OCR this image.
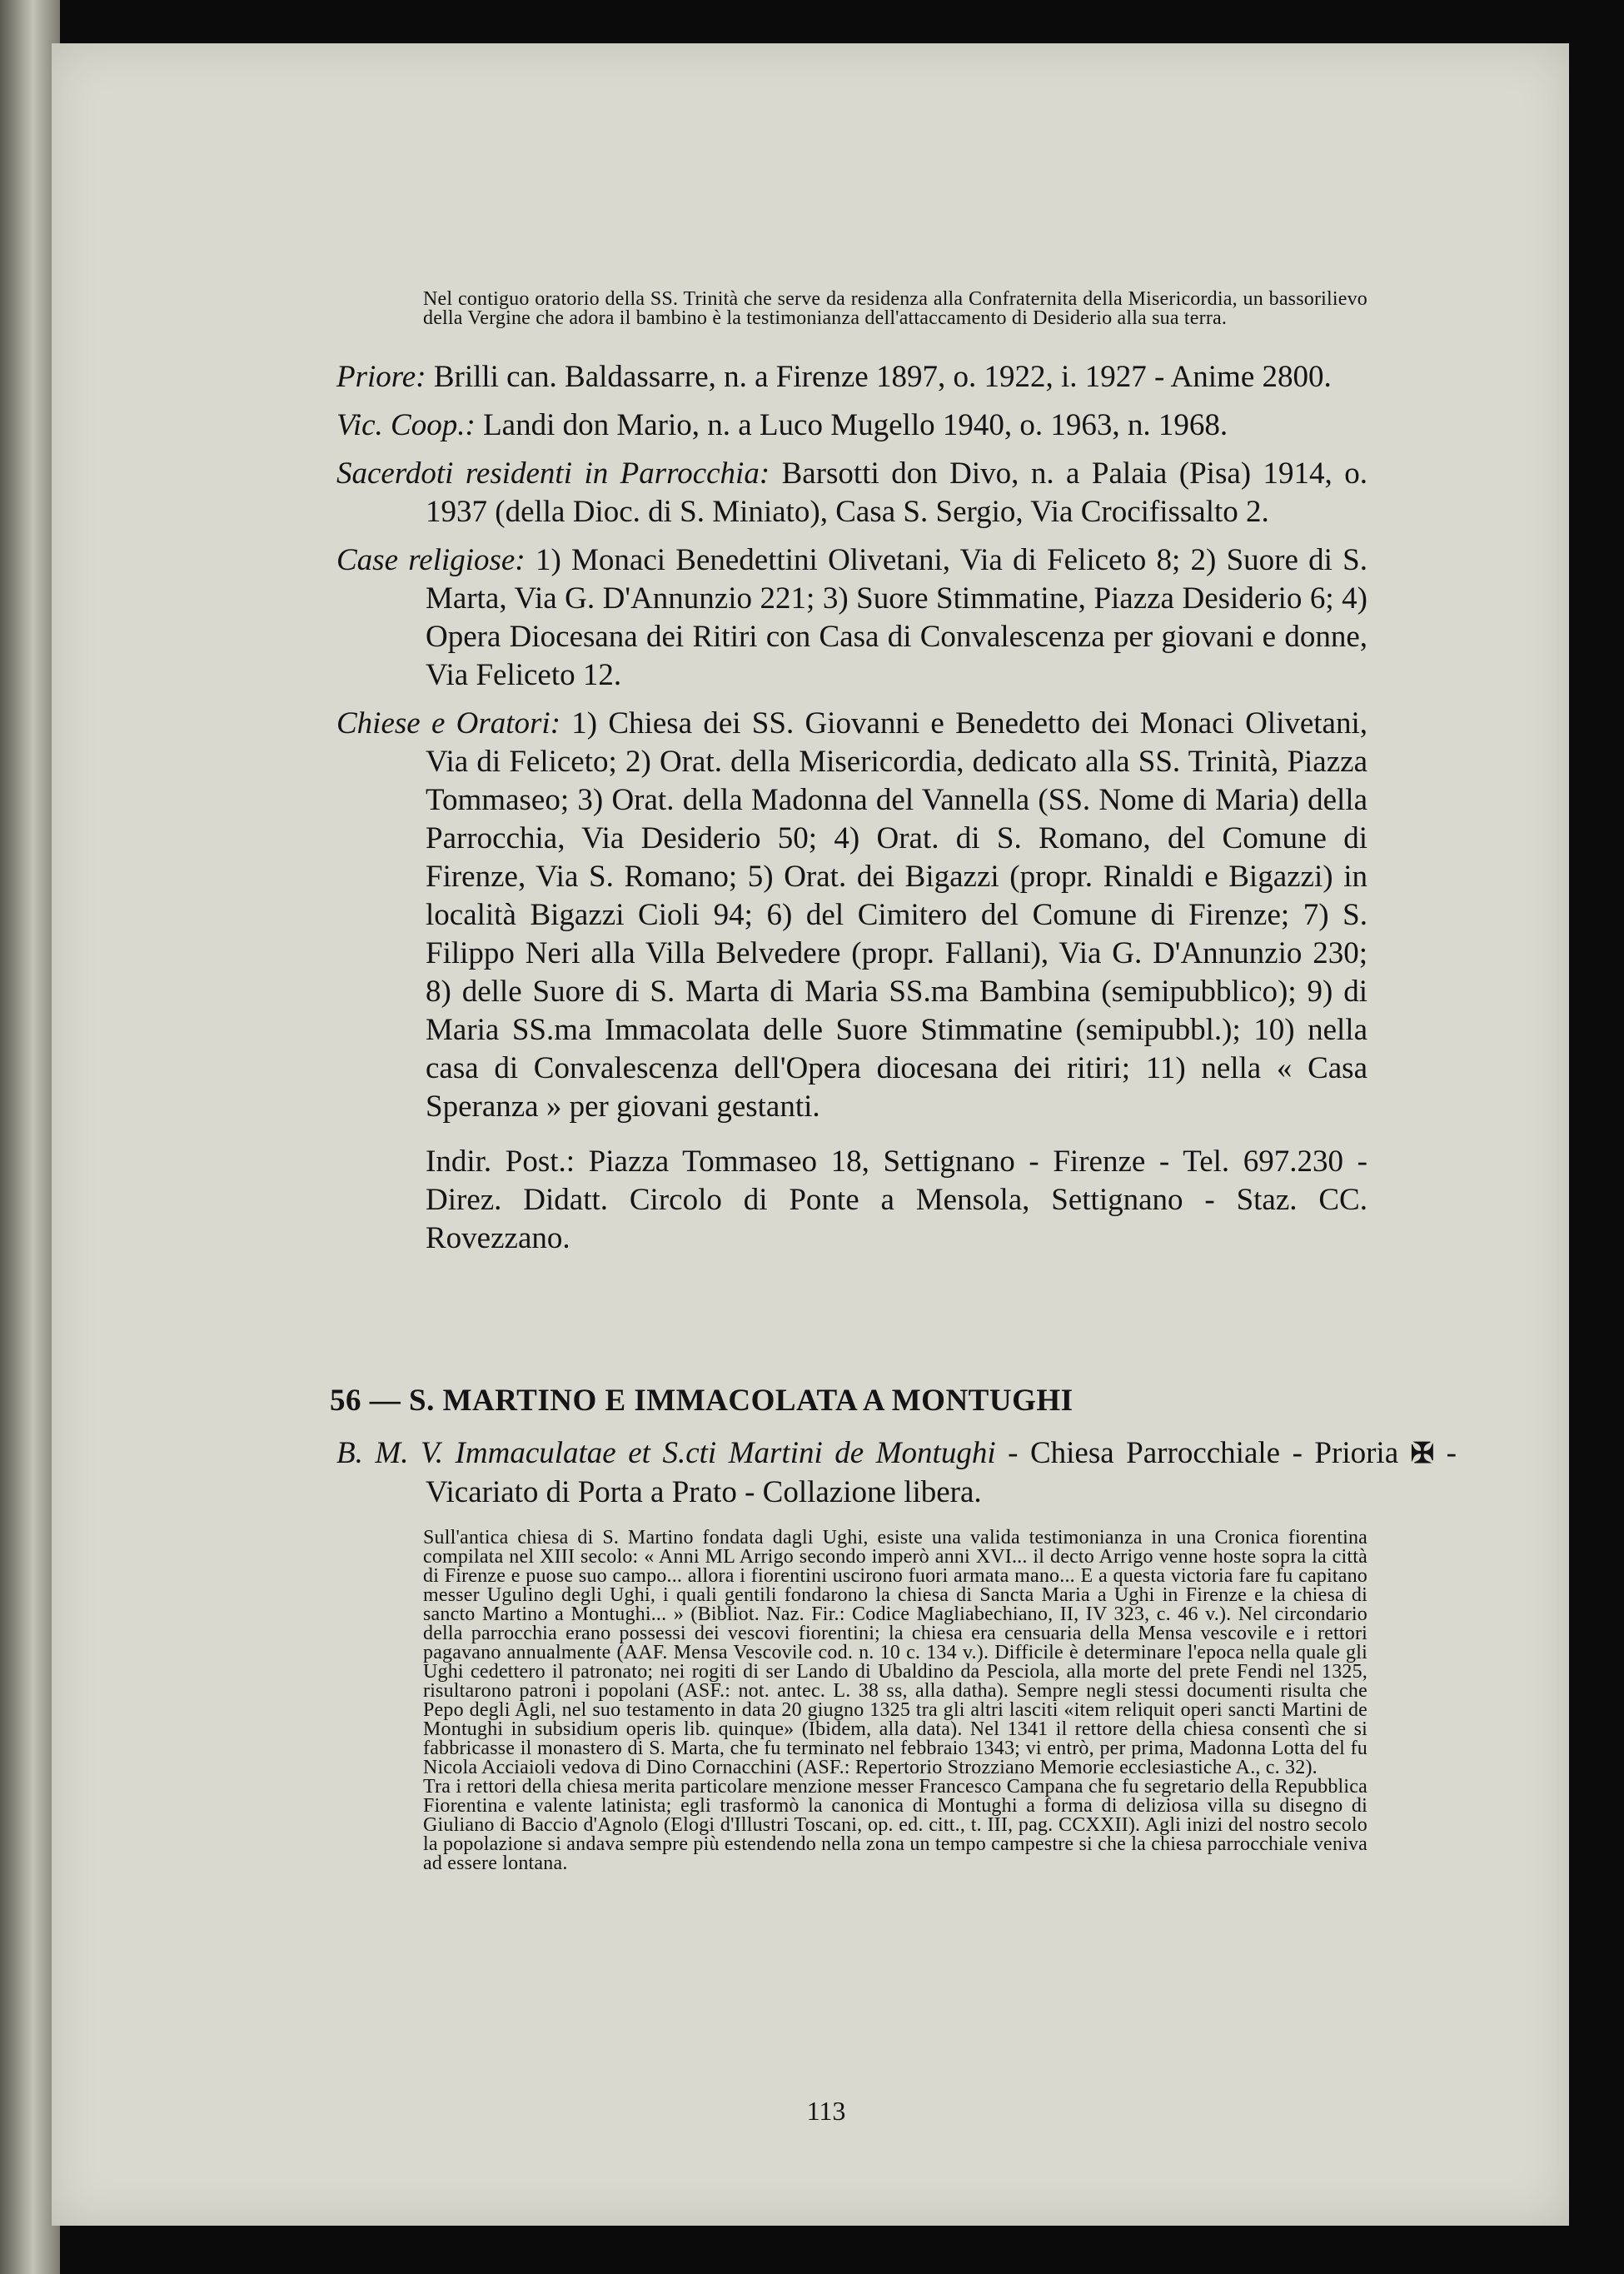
Nel contiguo oratorio della SS. Trinità che serve da residenza alla Confraternita della Misericordia, un bassorilievo della Vergine che adora il bambino è la testimonianza dell'attaccamento di Desiderio alla sua terra.

Priore: Brilli can. Baldassarre, n. a Firenze 1897, o. 1922, i. 1927 - Anime 2800.

Vic. Coop.: Landi don Mario, n. a Luco Mugello 1940, o. 1963, n. 1968.

Sacerdoti residenti in Parrocchia: Barsotti don Divo, n. a Palaia (Pisa) 1914, o. 1937 (della Dioc. di S. Miniato), Casa S. Sergio, Via Crocifissalto 2.

Case religiose: 1) Monaci Benedettini Olivetani, Via di Feliceto 8; 2) Suore di S. Marta, Via G. D'Annunzio 221; 3) Suore Stimmatine, Piazza Desiderio 6; 4) Opera Diocesana dei Ritiri con Casa di Convalescenza per giovani e donne, Via Feliceto 12.

Chiese e Oratori: 1) Chiesa dei SS. Giovanni e Benedetto dei Monaci Olivetani, Via di Feliceto; 2) Orat. della Misericordia, dedicato alla SS. Trinità, Piazza Tommaseo; 3) Orat. della Madonna del Vannella (SS. Nome di Maria) della Parrocchia, Via Desiderio 50; 4) Orat. di S. Romano, del Comune di Firenze, Via S. Romano; 5) Orat. dei Bigazzi (propr. Rinaldi e Bigazzi) in località Bigazzi Cioli 94; 6) del Cimitero del Comune di Firenze; 7) S. Filippo Neri alla Villa Belvedere (propr. Fallani), Via G. D'Annunzio 230; 8) delle Suore di S. Marta di Maria SS.ma Bambina (semipubblico); 9) di Maria SS.ma Immacolata delle Suore Stimmatine (semipubbl.); 10) nella casa di Convalescenza dell'Opera diocesana dei ritiri; 11) nella « Casa Speranza » per giovani gestanti.

Indir. Post.: Piazza Tommaseo 18, Settignano - Firenze - Tel. 697.230 - Direz. Didatt. Circolo di Ponte a Mensola, Settignano - Staz. CC. Rovezzano.

56 — S. MARTINO E IMMACOLATA A MONTUGHI

B. M. V. Immaculatae et S.cti Martini de Montughi - Chiesa Parrocchiale - Prioria ✠ - Vicariato di Porta a Prato - Collazione libera.

Sull'antica chiesa di S. Martino fondata dagli Ughi, esiste una valida testimonianza in una Cronica fiorentina compilata nel XIII secolo: « Anni ML Arrigo secondo imperò anni XVI... il decto Arrigo venne hoste sopra la città di Firenze e puose suo campo... allora i fiorentini uscirono fuori armata mano... E a questa victoria fare fu capitano messer Ugulino degli Ughi, i quali gentili fondarono la chiesa di Sancta Maria a Ughi in Firenze e la chiesa di sancto Martino a Montughi... » (Bibliot. Naz. Fir.: Codice Magliabechiano, II, IV 323, c. 46 v.). Nel circondario della parrocchia erano possessi dei vescovi fiorentini; la chiesa era censuaria della Mensa vescovile e i rettori pagavano annualmente (AAF. Mensa Vescovile cod. n. 10 c. 134 v.). Difficile è determinare l'epoca nella quale gli Ughi cedettero il patronato; nei rogiti di ser Lando di Ubaldino da Pesciola, alla morte del prete Fendi nel 1325, risultarono patroni i popolani (ASF.: not. antec. L. 38 ss, alla datha). Sempre negli stessi documenti risulta che Pepo degli Agli, nel suo testamento in data 20 giugno 1325 tra gli altri lasciti «item reliquit operi sancti Martini de Montughi in subsidium operis lib. quinque» (Ibidem, alla data). Nel 1341 il rettore della chiesa consentì che si fabbricasse il monastero di S. Marta, che fu terminato nel febbraio 1343; vi entrò, per prima, Madonna Lotta del fu Nicola Acciaioli vedova di Dino Cornacchini (ASF.: Repertorio Strozziano Memorie ecclesiastiche A., c. 32).

Tra i rettori della chiesa merita particolare menzione messer Francesco Campana che fu segretario della Repubblica Fiorentina e valente latinista; egli trasformò la canonica di Montughi a forma di deliziosa villa su disegno di Giuliano di Baccio d'Agnolo (Elogi d'Illustri Toscani, op. ed. citt., t. III, pag. CCXXII). Agli inizi del nostro secolo la popolazione si andava sempre più estendendo nella zona un tempo campestre si che la chiesa parrocchiale veniva ad essere lontana.

113
